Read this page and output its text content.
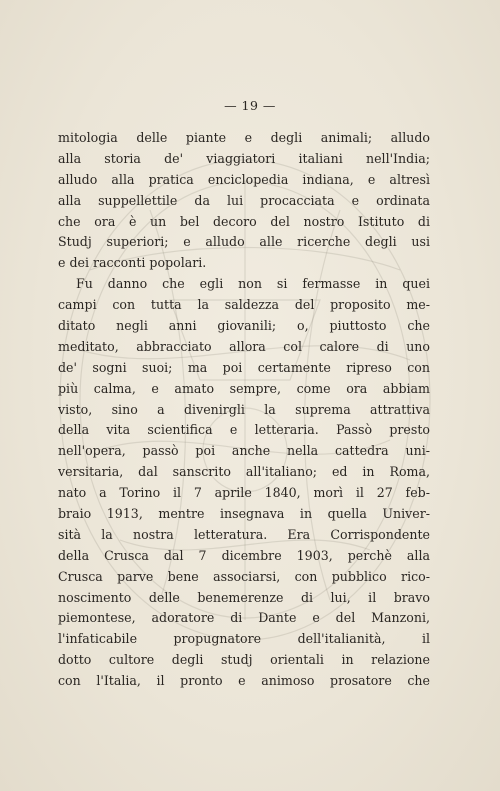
— 19 —
mitologia delle piante e degli animali; alludo
alla storia de' viaggiatori italiani nell'India;
alludo alla pratica enciclopedia indiana, e altresì
alla suppellettile da lui procacciata e ordinata
che ora è un bel decoro del nostro Istituto di
Studj superiori; e alludo alle ricerche degli usi
e dei racconti popolari.
Fu danno che egli non si fermasse in quei
campi con tutta la saldezza del proposito me-
ditato negli anni giovanili; o, piuttosto che
meditato, abbracciato allora col calore di uno
de' sogni suoi; ma poi certamente ripreso con
più calma, e amato sempre, come ora abbiam
visto, sino a divenirgli la suprema attrattiva
della vita scientifica e letteraria. Passò presto
nell'opera, passò poi anche nella cattedra uni-
versitaria, dal sanscrito all'italiano; ed in Roma,
nato a Torino il 7 aprile 1840, morì il 27 feb-
braio 1913, mentre insegnava in quella Univer-
sità la nostra letteratura. Era Corrispondente
della Crusca dal 7 dicembre 1903, perchè alla
Crusca parve bene associarsi, con pubblico rico-
noscimento delle benemerenze di lui, il bravo
piemontese, adoratore di Dante e del Manzoni,
l'infaticabile propugnatore dell'italianità, il
dotto cultore degli studj orientali in relazione
con l'Italia, il pronto e animoso prosatore che
